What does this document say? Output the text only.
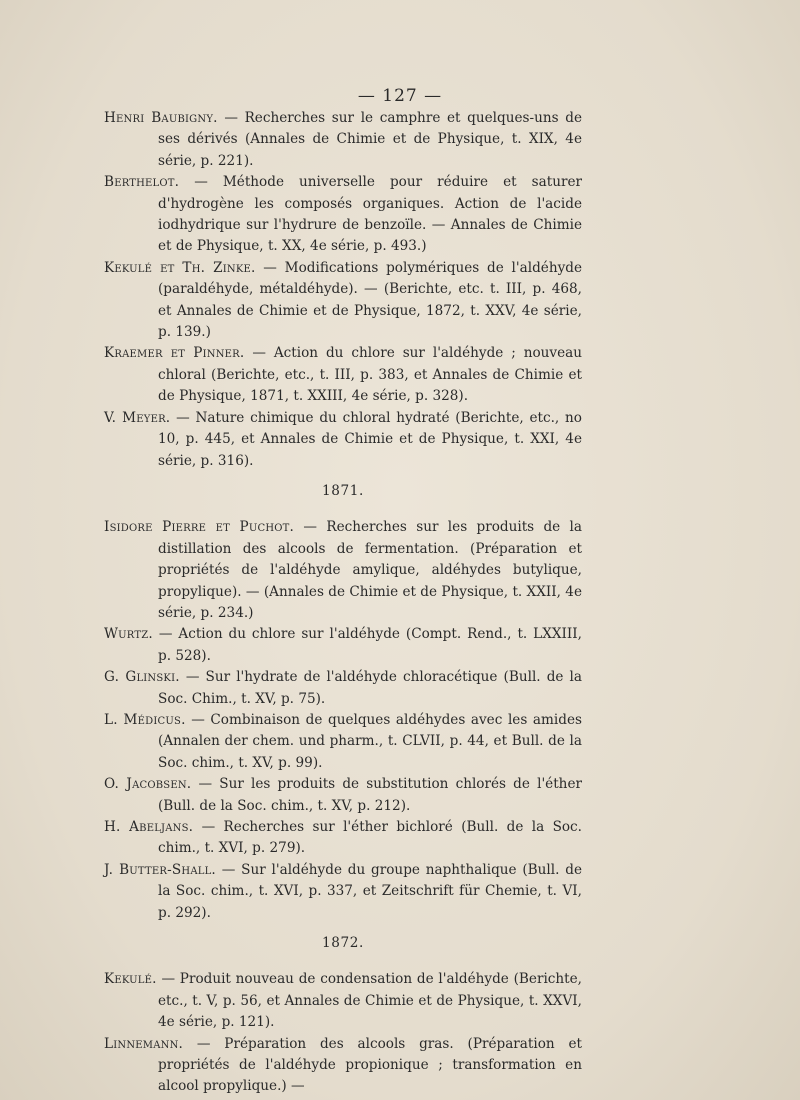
— 127 —

Henri Baubigny. — Recherches sur le camphre et quelques-uns de ses dérivés (Annales de Chimie et de Physique, t. XIX, 4e série, p. 221).

Berthelot. — Méthode universelle pour réduire et saturer d'hydrogène les composés organiques. Action de l'acide iodhydrique sur l'hydrure de benzoïle. — Annales de Chimie et de Physique, t. XX, 4e série, p. 493.)

Kekulé et Th. Zinke. — Modifications polymériques de l'aldéhyde (paraldéhyde, métaldéhyde). — (Berichte, etc. t. III, p. 468, et Annales de Chimie et de Physique, 1872, t. XXV, 4e série, p. 139.)

Kraemer et Pinner. — Action du chlore sur l'aldéhyde ; nouveau chloral (Berichte, etc., t. III, p. 383, et Annales de Chimie et de Physique, 1871, t. XXIII, 4e série, p. 328).

V. Meyer. — Nature chimique du chloral hydraté (Berichte, etc., no 10, p. 445, et Annales de Chimie et de Physique, t. XXI, 4e série, p. 316).

1871.

Isidore Pierre et Puchot. — Recherches sur les produits de la distillation des alcools de fermentation. (Préparation et propriétés de l'aldéhyde amylique, aldéhydes butylique, propylique). — (Annales de Chimie et de Physique, t. XXII, 4e série, p. 234.)

Wurtz. — Action du chlore sur l'aldéhyde (Compt. Rend., t. LXXIII, p. 528).

G. Glinski. — Sur l'hydrate de l'aldéhyde chloracétique (Bull. de la Soc. Chim., t. XV, p. 75).

L. Médicus. — Combinaison de quelques aldéhydes avec les amides (Annalen der chem. und pharm., t. CLVII, p. 44, et Bull. de la Soc. chim., t. XV, p. 99).

O. Jacobsen. — Sur les produits de substitution chlorés de l'éther (Bull. de la Soc. chim., t. XV, p. 212).

H. Abeljans. — Recherches sur l'éther bichloré (Bull. de la Soc. chim., t. XVI, p. 279).

J. Butter-Shall. — Sur l'aldéhyde du groupe naphthalique (Bull. de la Soc. chim., t. XVI, p. 337, et Zeitschrift für Chemie, t. VI, p. 292).

1872.

Kekulé. — Produit nouveau de condensation de l'aldéhyde (Berichte, etc., t. V, p. 56, et Annales de Chimie et de Physique, t. XXVI, 4e série, p. 121).

Linnemann. — Préparation des alcools gras. (Préparation et propriétés de l'aldéhyde propionique ; transformation en alcool propylique.) —
